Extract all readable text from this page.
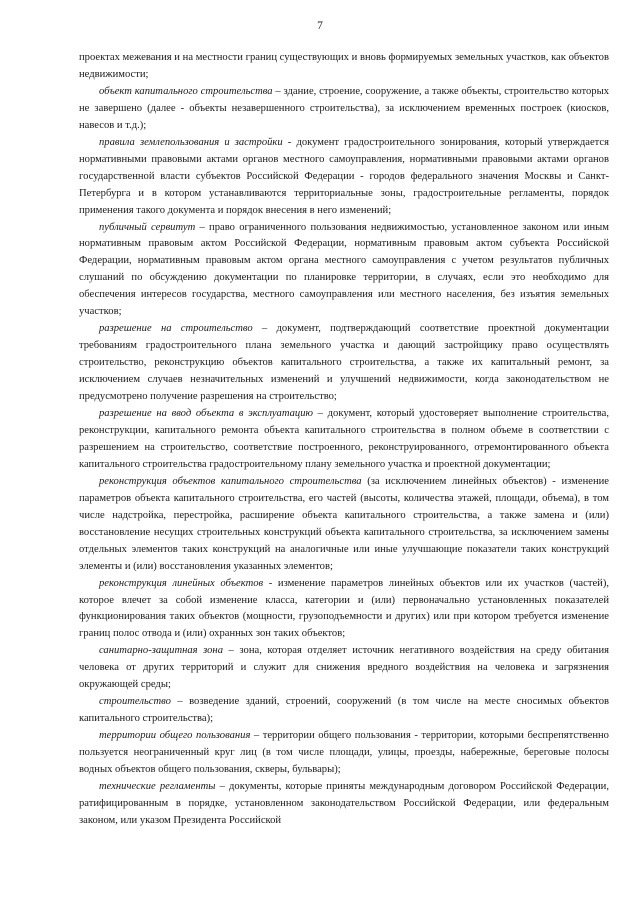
7

проектах межевания и на местности границ существующих и вновь формируемых земельных участков, как объектов недвижимости;

объект капитального строительства – здание, строение, сооружение, а также объекты, строительство которых не завершено (далее - объекты незавершенного строительства), за исключением временных построек (киосков, навесов и т.д.);

правила землепользования и застройки - документ градостроительного зонирования, который утверждается нормативными правовыми актами органов местного самоуправления, нормативными правовыми актами органов государственной власти субъектов Российской Федерации - городов федерального значения Москвы и Санкт-Петербурга и в котором устанавливаются территориальные зоны, градостроительные регламенты, порядок применения такого документа и порядок внесения в него изменений;

публичный сервитут – право ограниченного пользования недвижимостью, установленное законом или иным нормативным правовым актом Российской Федерации, нормативным правовым актом субъекта Российской Федерации, нормативным правовым актом органа местного самоуправления с учетом результатов публичных слушаний по обсуждению документации по планировке территории, в случаях, если это необходимо для обеспечения интересов государства, местного самоуправления или местного населения, без изъятия земельных участков;

разрешение на строительство – документ, подтверждающий соответствие проектной документации требованиям градостроительного плана земельного участка и дающий застройщику право осуществлять строительство, реконструкцию объектов капитального строительства, а также их капитальный ремонт, за исключением случаев незначительных изменений и улучшений недвижимости, когда законодательством не предусмотрено получение разрешения на строительство;

разрешение на ввод объекта в эксплуатацию – документ, который удостоверяет выполнение строительства, реконструкции, капитального ремонта объекта капитального строительства в полном объеме в соответствии с разрешением на строительство, соответствие построенного, реконструированного, отремонтированного объекта капитального строительства градостроительному плану земельного участка и проектной документации;

реконструкция объектов капитального строительства (за исключением линейных объектов) - изменение параметров объекта капитального строительства, его частей (высоты, количества этажей, площади, объема), в том числе надстройка, перестройка, расширение объекта капитального строительства, а также замена и (или) восстановление несущих строительных конструкций объекта капитального строительства, за исключением замены отдельных элементов таких конструкций на аналогичные или иные улучшающие показатели таких конструкций элементы и (или) восстановления указанных элементов;

реконструкция линейных объектов - изменение параметров линейных объектов или их участков (частей), которое влечет за собой изменение класса, категории и (или) первоначально установленных показателей функционирования таких объектов (мощности, грузоподъемности и других) или при котором требуется изменение границ полос отвода и (или) охранных зон таких объектов;

санитарно-защитная зона – зона, которая отделяет источник негативного воздействия на среду обитания человека от других территорий и служит для снижения вредного воздействия на человека и загрязнения окружающей среды;

строительство – возведение зданий, строений, сооружений (в том числе на месте сносимых объектов капитального строительства);

территории общего пользования – территории общего пользования - территории, которыми беспрепятственно пользуется неограниченный круг лиц (в том числе площади, улицы, проезды, набережные, береговые полосы водных объектов общего пользования, скверы, бульвары);

технические регламенты – документы, которые приняты международным договором Российской Федерации, ратифицированным в порядке, установленном законодательством Российской Федерации, или федеральным законом, или указом Президента Российской
